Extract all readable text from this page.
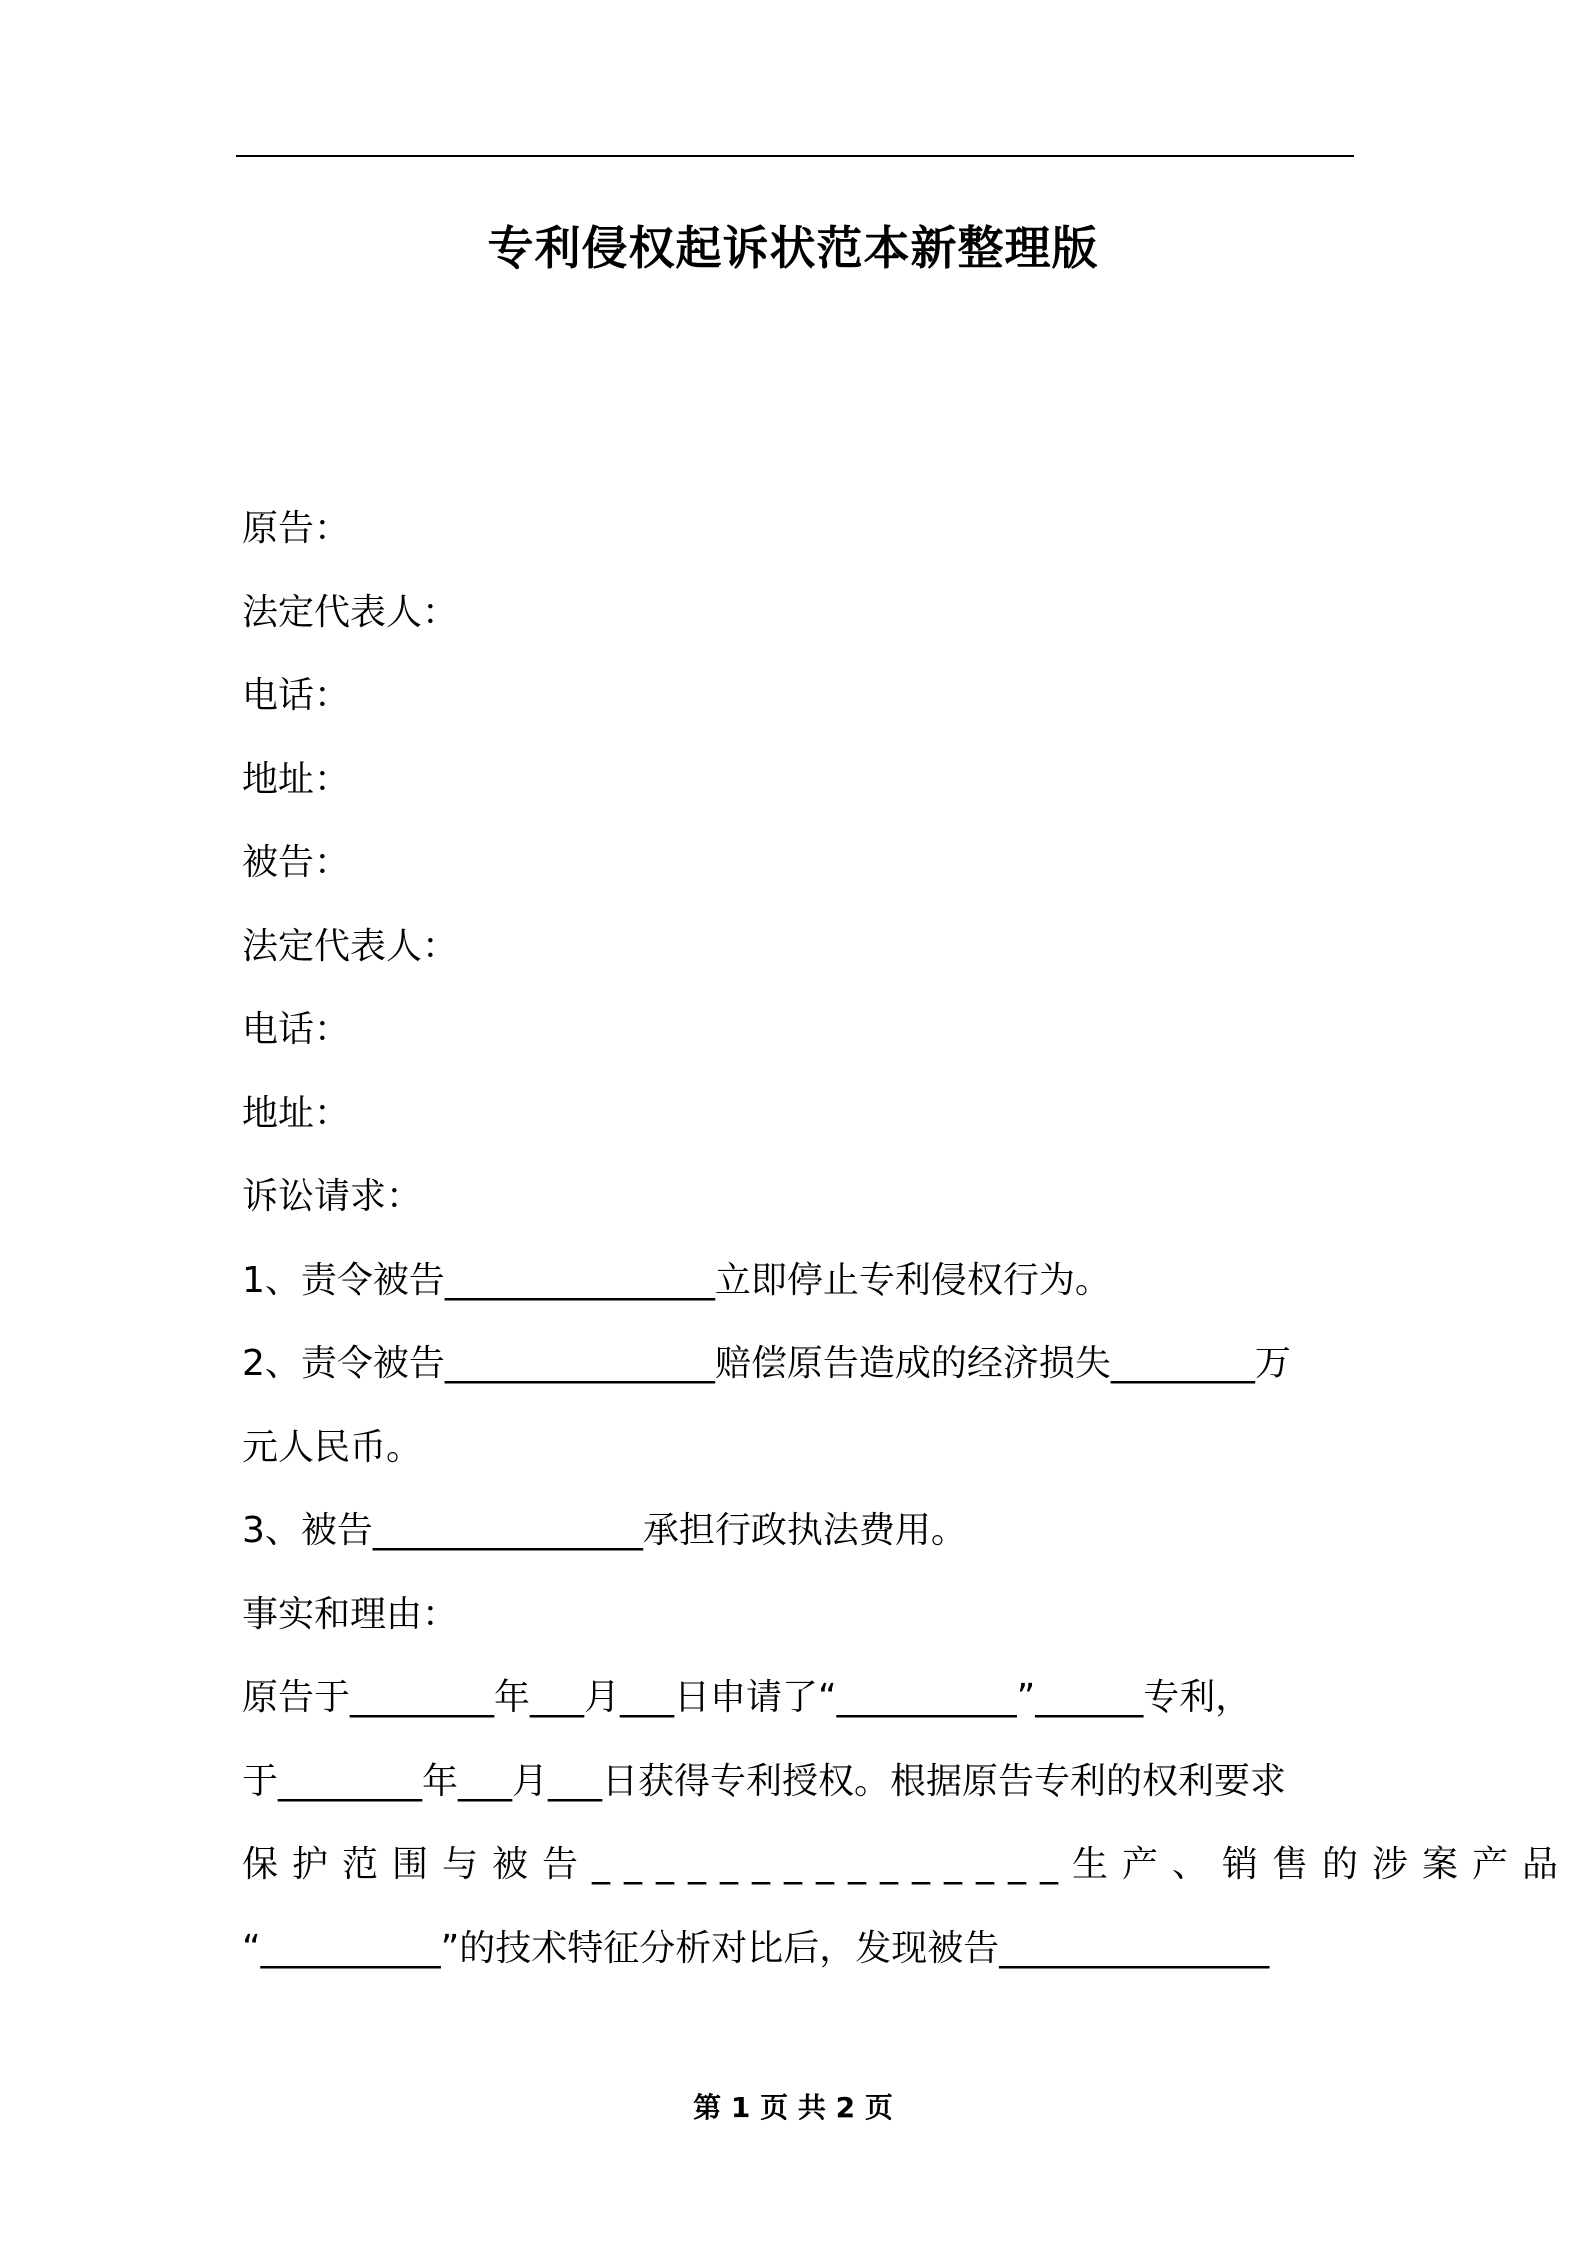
专利侵权起诉状范本新整理版

原告：

法定代表人：

电话：

地址：

被告：

法定代表人：

电话：

地址：

诉讼请求：

1、责令被告_______________立即停止专利侵权行为。

2、责令被告_______________赔偿原告造成的经济损失________万

元人民币。

3、被告_______________承担行政执法费用。

事实和理由：

原告于________年___月___日申请了“__________”______专利，

于________年___月___日获得专利授权。根据原告专利的权利要求

保护范围与被告_______________生产、销售的涉案产品

“__________”的技术特征分析对比后，发现被告_______________

第 1 页 共 2 页
